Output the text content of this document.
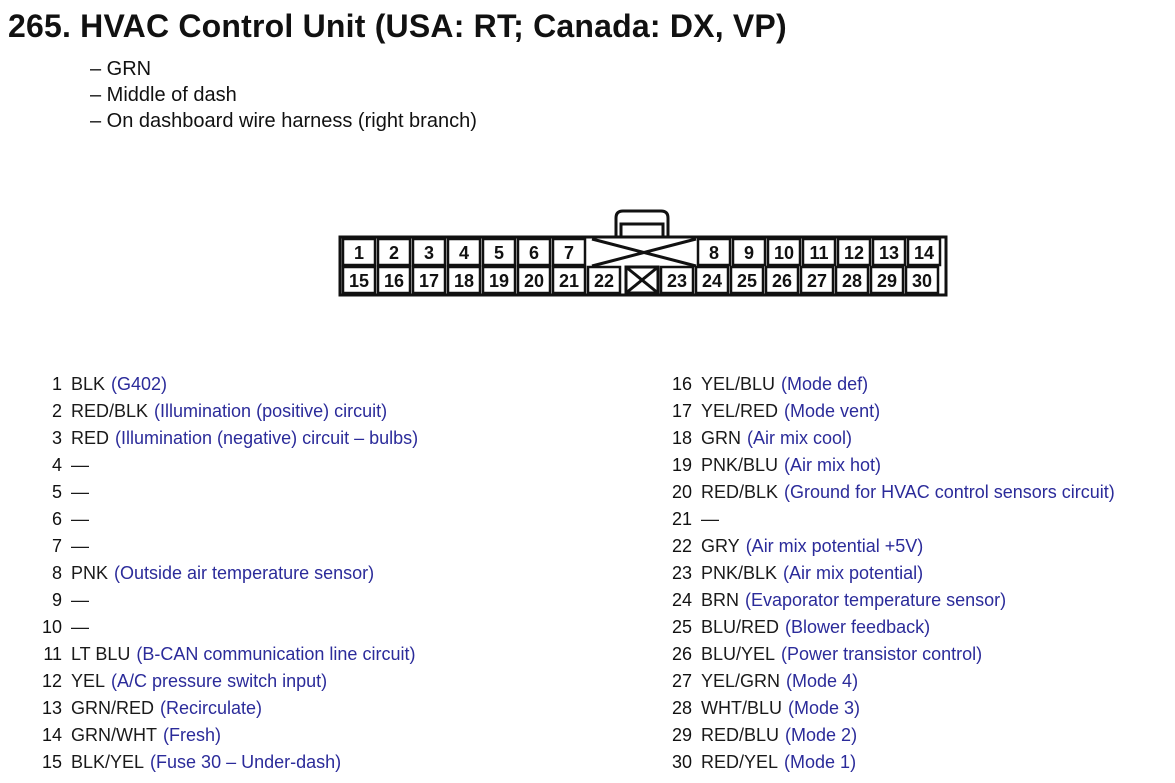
265. HVAC Control Unit (USA: RT; Canada: DX, VP)
– GRN
– Middle of dash
– On dashboard wire harness (right branch)
1 2 3 4 5 6 7	8 9 10 11 12 13 14
15 16 17 18 19 20 21 22	23 24 25 26 27 28 29 30
1 BLK (G402)
2 RED/BLK (Illumination (positive) circuit)
3 RED (Illumination (negative) circuit – bulbs)
4 —
5 —
6 —
7 —
8 PNK (Outside air temperature sensor)
9 —
10 —
11 LT BLU (B-CAN communication line circuit)
12 YEL (A/C pressure switch input)
13 GRN/RED (Recirculate)
14 GRN/WHT (Fresh)
15 BLK/YEL (Fuse 30 – Under-dash)
16 YEL/BLU (Mode def)
17 YEL/RED (Mode vent)
18 GRN (Air mix cool)
19 PNK/BLU (Air mix hot)
20 RED/BLK (Ground for HVAC control sensors circuit)
21 —
22 GRY (Air mix potential +5V)
23 PNK/BLK (Air mix potential)
24 BRN (Evaporator temperature sensor)
25 BLU/RED (Blower feedback)
26 BLU/YEL (Power transistor control)
27 YEL/GRN (Mode 4)
28 WHT/BLU (Mode 3)
29 RED/BLU (Mode 2)
30 RED/YEL (Mode 1)
